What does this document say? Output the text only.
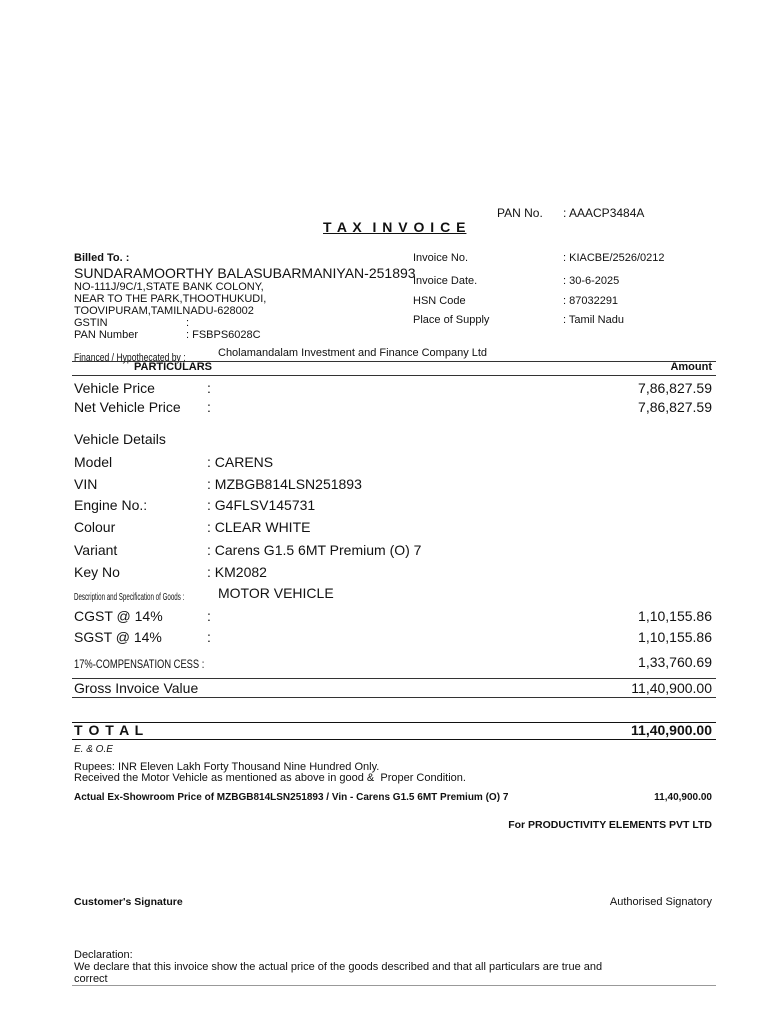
PAN No. : AAACP3484A
T A X  I N V O I C E
Billed To. :
SUNDARAMOORTHY BALASUBARMANIYAN-251893
NO-111J/9C/1,STATE BANK COLONY,
NEAR TO THE PARK,THOOTHUKUDI,
TOOVIPURAM,TAMILNADU-628002
GSTIN	:
PAN Number	: FSBPS6028C
Invoice No.	: KIACBE/2526/0212
Invoice Date.	: 30-6-2025
HSN Code	: 87032291
Place of Supply	: Tamil Nadu
Financed / Hypothecated by :	Cholamandalam Investment and Finance Company Ltd
PARTICULARS	Amount
Vehicle Price	:	7,86,827.59
Net Vehicle Price :	7,86,827.59
Vehicle Details
Model	: CARENS
VIN	: MZBGB814LSN251893
Engine No.:	: G4FLSV145731
Colour	: CLEAR WHITE
Variant	: Carens G1.5 6MT Premium (O) 7
Key No	: KM2082
Description and Specification of Goods :	MOTOR VEHICLE
CGST @ 14%	:	1,10,155.86
SGST @ 14%	:	1,10,155.86
17%-COMPENSATION CESS :	1,33,760.69
Gross Invoice Value	11,40,900.00
T O T A L	11,40,900.00
E. & O.E
Rupees: INR Eleven Lakh Forty Thousand Nine Hundred Only.
Received the Motor Vehicle as mentioned as above in good &  Proper Condition.
Actual Ex-Showroom Price of MZBGB814LSN251893 / Vin - Carens G1.5 6MT Premium (O) 7	11,40,900.00
For PRODUCTIVITY ELEMENTS PVT LTD
Customer's Signature	Authorised Signatory
Declaration:
We declare that this invoice show the actual price of the goods described and that all particulars are true and
correct
